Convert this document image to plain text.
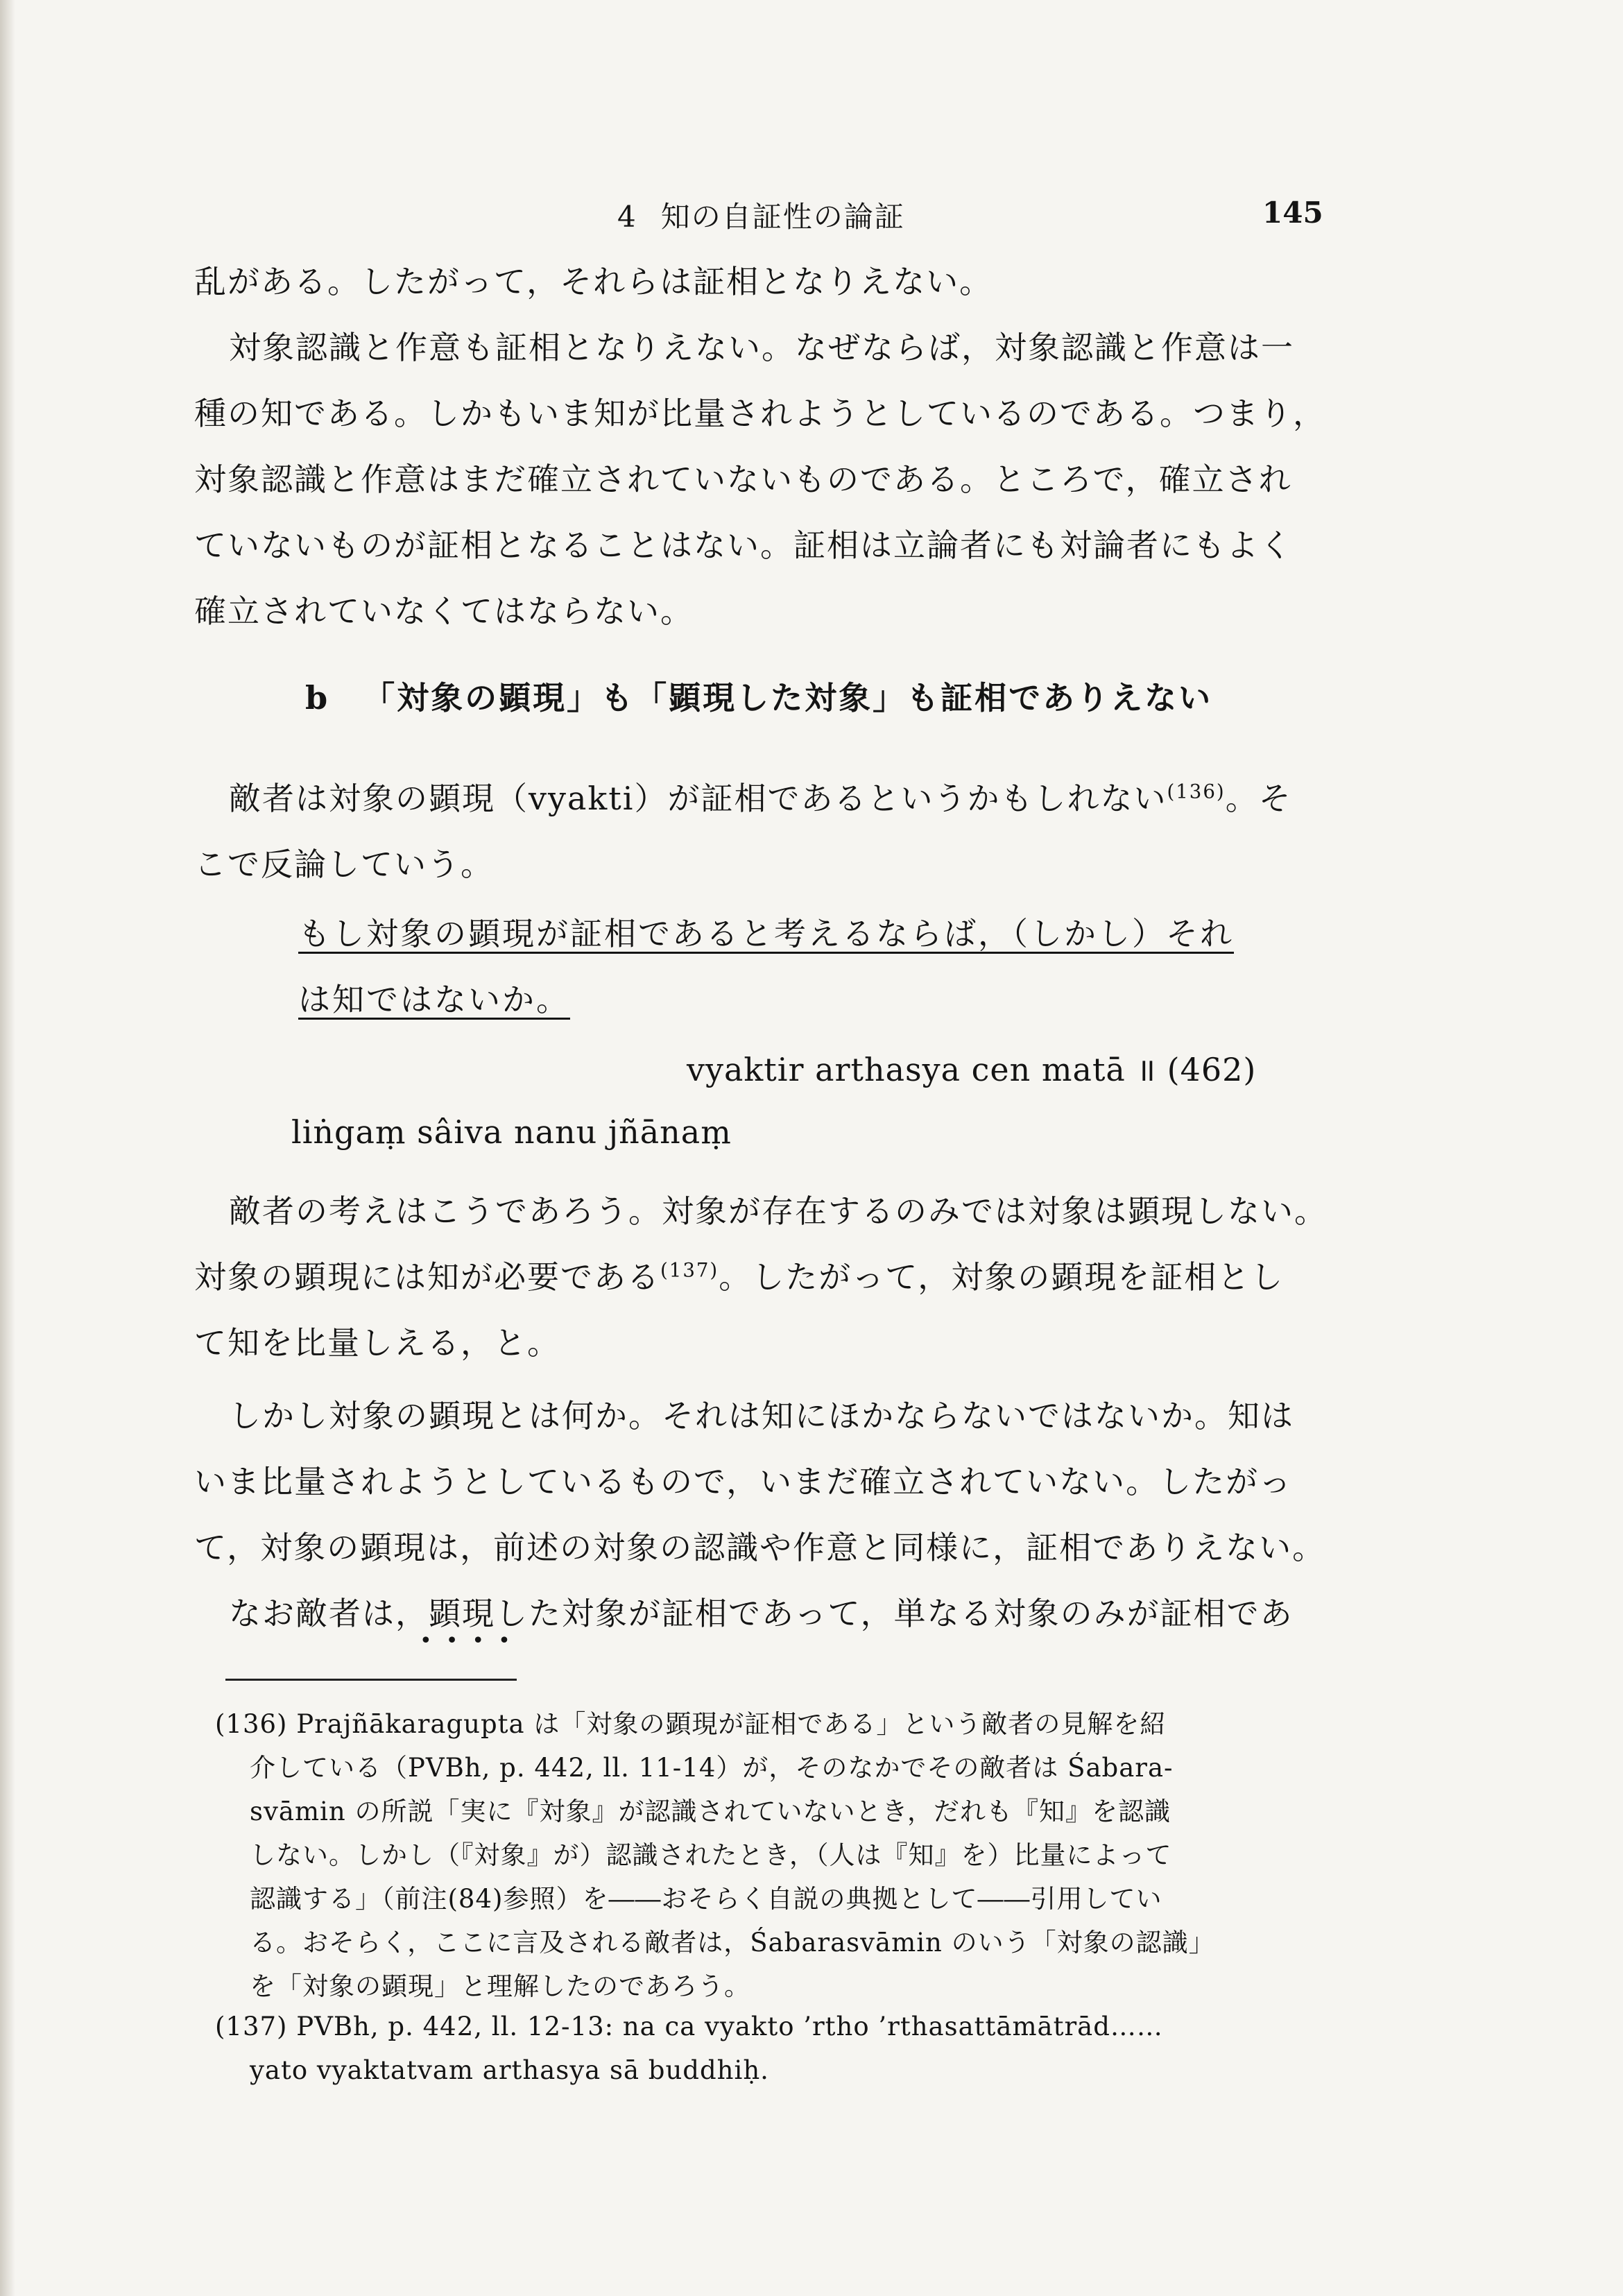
4 知の自証性の論証	145
乱がある。したがって，それらは証相となりえない。
対象認識と作意も証相となりえない。なぜならば，対象認識と作意は一
種の知である。しかもいま知が比量されようとしているのである。つまり，
対象認識と作意はまだ確立されていないものである。ところで，確立され
ていないものが証相となることはない。証相は立論者にも対論者にもよく
確立されていなくてはならない。
b 「対象の顕現」も「顕現した対象」も証相でありえない
敵者は対象の顕現（vyakti）が証相であるというかもしれない$^{(136)}$。そ
こで反論していう。
もし対象の顕現が証相であると考えるならば，（しかし）それ
は知ではないか。
vyaktir arthasya cen matā ॥ (462)
liṅgaṃ sâiva nanu jñānaṃ
敵者の考えはこうであろう。対象が存在するのみでは対象は顕現しない。
対象の顕現には知が必要である$^{(137)}$。したがって，対象の顕現を証相とし
て知を比量しえる，と。
しかし対象の顕現とは何か。それは知にほかならないではないか。知は
いま比量されようとしているもので，いまだ確立されていない。したがっ
て，対象の顕現は，前述の対象の認識や作意と同様に，証相でありえない。
なお敵者は，顕現した対象が証相であって，単なる対象のみが証相であ
••••
(136) Prajñākaragupta は「対象の顕現が証相である」という敵者の見解を紹
介している（PVBh, p. 442, ll. 11-14）が，そのなかでその敵者は Śabara-
svāmin の所説「実に『対象』が認識されていないとき，だれも『知』を認識
しない。しかし（『対象』が）認識されたとき，（人は『知』を）比量によって
認識する」（前注(84)参照）を――おそらく自説の典拠として――引用してい
る。おそらく，ここに言及される敵者は，Śabarasvāmin のいう「対象の認識」
を「対象の顕現」と理解したのであろう。
(137) PVBh, p. 442, ll. 12-13: na ca vyakto ’rtho ’rthasattāmātrād……
yato vyaktatvam arthasya sā buddhiḥ.
